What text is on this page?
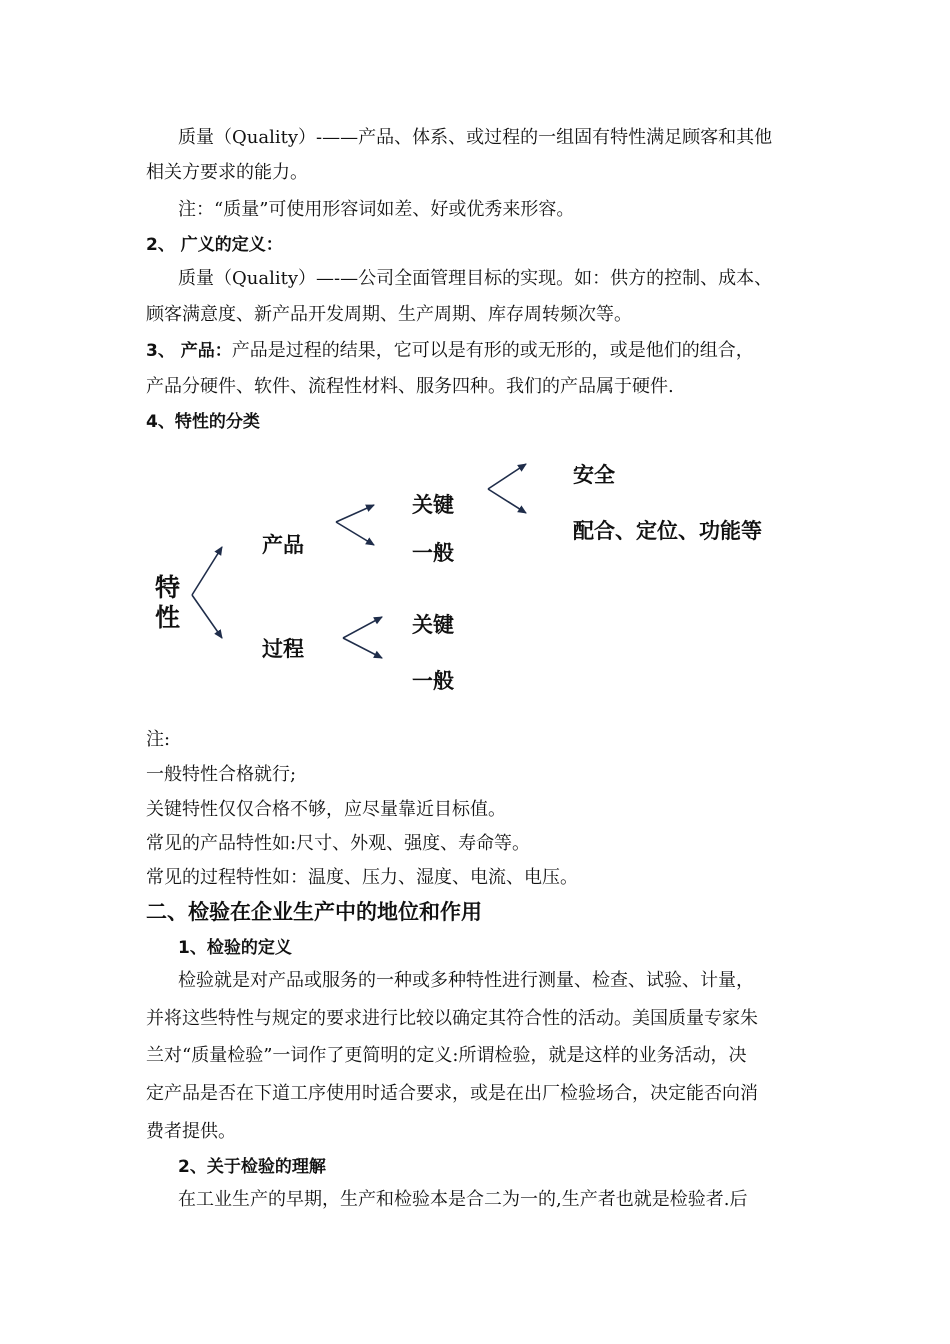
质量（Quality）-——产品、体系、或过程的一组固有特性满足顾客和其他
相关方要求的能力。
注：“质量”可使用形容词如差、好或优秀来形容。
2、 广义的定义：
质量（Quality）—-—公司全面管理目标的实现。如：供方的控制、成本、
顾客满意度、新产品开发周期、生产周期、库存周转频次等。
3、 产品：产品是过程的结果，它可以是有形的或无形的，或是他们的组合，
产品分硬件、软件、流程性材料、服务四种。我们的产品属于硬件.
4、特性的分类
特
性
产品
过程
关键
一般
关键
一般
安全
配合、定位、功能等
注:
一般特性合格就行;
关键特性仅仅合格不够，应尽量靠近目标值。
常见的产品特性如:尺寸、外观、强度、寿命等。
常见的过程特性如：温度、压力、湿度、电流、电压。
二、检验在企业生产中的地位和作用
1、检验的定义
检验就是对产品或服务的一种或多种特性进行测量、检查、试验、计量，
并将这些特性与规定的要求进行比较以确定其符合性的活动。美国质量专家朱
兰对“质量检验”一词作了更简明的定义:所谓检验，就是这样的业务活动，决
定产品是否在下道工序使用时适合要求，或是在出厂检验场合，决定能否向消
费者提供。
2、关于检验的理解
在工业生产的早期，生产和检验本是合二为一的,生产者也就是检验者.后
